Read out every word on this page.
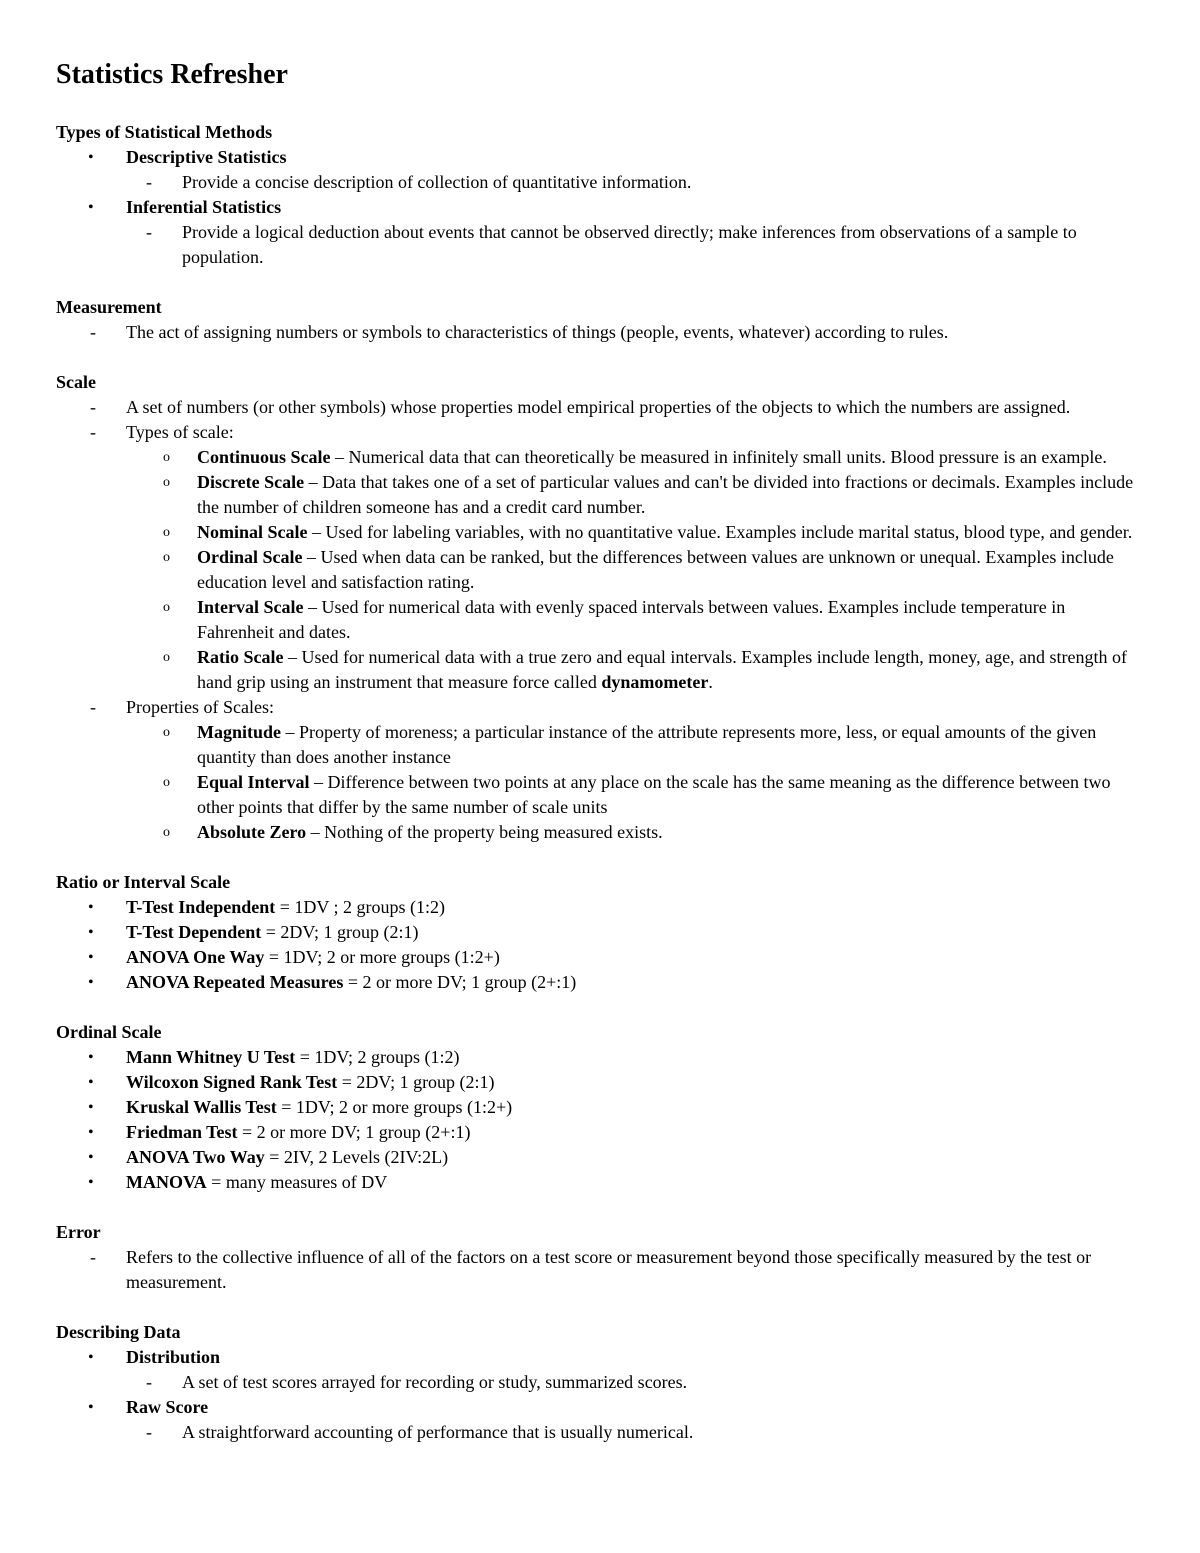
Statistics Refresher

Types of Statistical Methods

•	Descriptive Statistics
-	Provide a concise description of collection of quantitative information.
•	Inferential Statistics
-	Provide a logical deduction about events that cannot be observed directly; make inferences from observations of a sample to population.

Measurement

-	The act of assigning numbers or symbols to characteristics of things (people, events, whatever) according to rules.

Scale

-	A set of numbers (or other symbols) whose properties model empirical properties of the objects to which the numbers are assigned.
-	Types of scale:
o	Continuous Scale – Numerical data that can theoretically be measured in infinitely small units. Blood pressure is an example.
o	Discrete Scale – Data that takes one of a set of particular values and can't be divided into fractions or decimals. Examples include the number of children someone has and a credit card number.
o	Nominal Scale – Used for labeling variables, with no quantitative value. Examples include marital status, blood type, and gender.
o	Ordinal Scale – Used when data can be ranked, but the differences between values are unknown or unequal. Examples include education level and satisfaction rating.
o	Interval Scale – Used for numerical data with evenly spaced intervals between values. Examples include temperature in Fahrenheit and dates.
o	Ratio Scale – Used for numerical data with a true zero and equal intervals. Examples include length, money, age, and strength of hand grip using an instrument that measure force called dynamometer.
-	Properties of Scales:
o	Magnitude – Property of moreness; a particular instance of the attribute represents more, less, or equal amounts of the given quantity than does another instance
o	Equal Interval – Difference between two points at any place on the scale has the same meaning as the difference between two other points that differ by the same number of scale units
o	Absolute Zero – Nothing of the property being measured exists.

Ratio or Interval Scale

•	T-Test Independent = 1DV ; 2 groups (1:2)
•	T-Test Dependent = 2DV; 1 group (2:1)
•	ANOVA One Way = 1DV; 2 or more groups (1:2+)
•	ANOVA Repeated Measures = 2 or more DV; 1 group (2+:1)

Ordinal Scale

•	Mann Whitney U Test = 1DV; 2 groups (1:2)
•	Wilcoxon Signed Rank Test = 2DV; 1 group (2:1)
•	Kruskal Wallis Test = 1DV; 2 or more groups (1:2+)
•	Friedman Test = 2 or more DV; 1 group (2+:1)
•	ANOVA Two Way = 2IV, 2 Levels (2IV:2L)
•	MANOVA = many measures of DV

Error

-	Refers to the collective influence of all of the factors on a test score or measurement beyond those specifically measured by the test or measurement.

Describing Data

•	Distribution
-	A set of test scores arrayed for recording or study, summarized scores.
•	Raw Score
-	A straightforward accounting of performance that is usually numerical.
